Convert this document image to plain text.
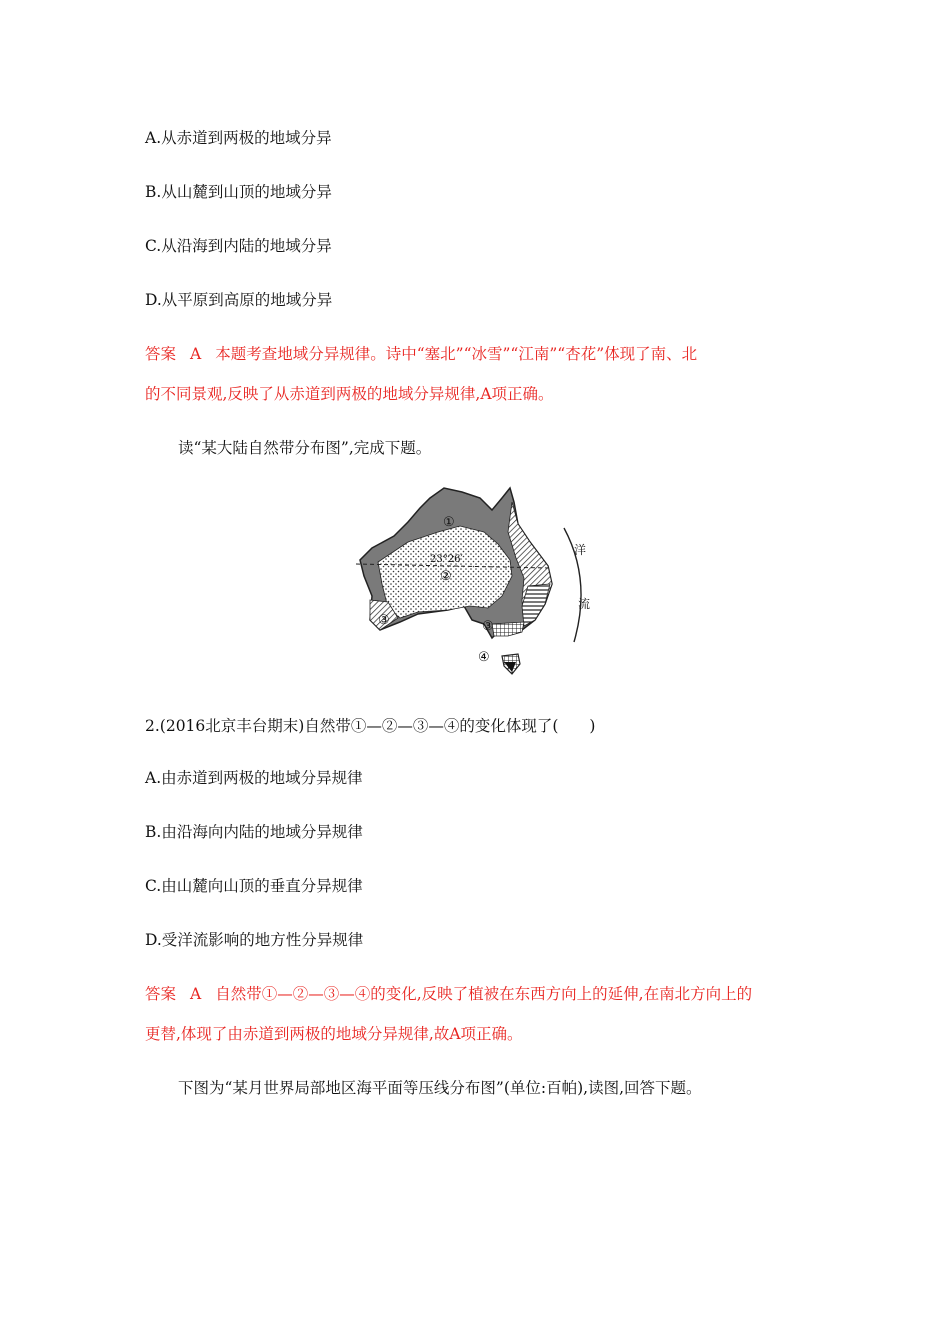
A.从赤道到两极的地域分异
B.从山麓到山顶的地域分异
C.从沿海到内陆的地域分异
D.从平原到高原的地域分异
答案 A 本题考查地域分异规律。诗中“塞北”“冰雪”“江南”“杏花”体现了南、北
的不同景观,反映了从赤道到两极的地域分异规律,A项正确。
读“某大陆自然带分布图”,完成下题。
①
23°26′
②
③	③
④
洋
流
2.(2016北京丰台期末)自然带①—②—③—④的变化体现了(　　)
A.由赤道到两极的地域分异规律
B.由沿海向内陆的地域分异规律
C.由山麓向山顶的垂直分异规律
D.受洋流影响的地方性分异规律
答案 A 自然带①—②—③—④的变化,反映了植被在东西方向上的延伸,在南北方向上的
更替,体现了由赤道到两极的地域分异规律,故A项正确。
下图为“某月世界局部地区海平面等压线分布图”(单位:百帕),读图,回答下题。
